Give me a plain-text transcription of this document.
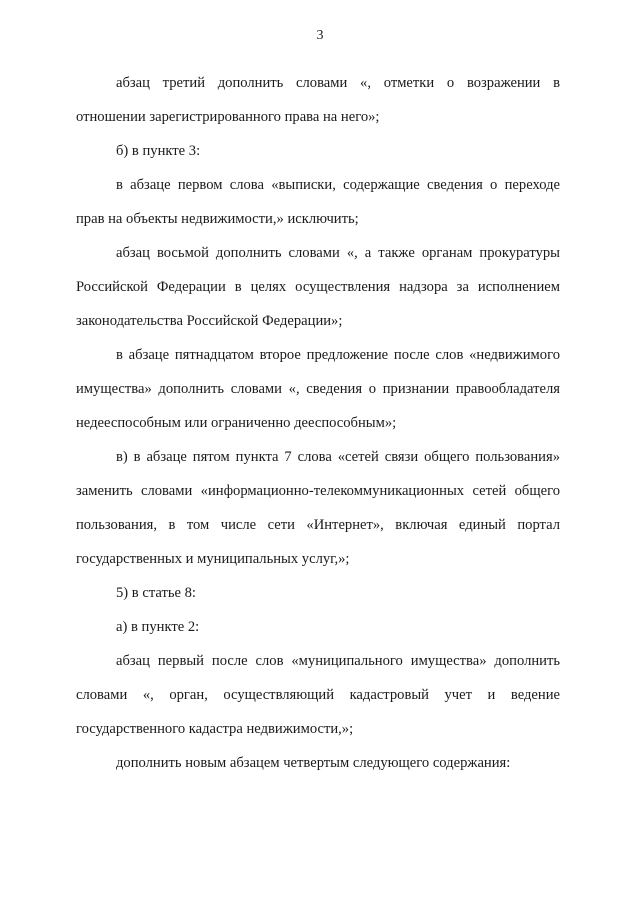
3

абзац третий дополнить словами «, отметки о возражении в отношении зарегистрированного права на него»;

б) в пункте 3:

в абзаце первом слова «выписки, содержащие сведения о переходе прав на объекты недвижимости,» исключить;

абзац восьмой дополнить словами «, а также органам прокуратуры Российской Федерации в целях осуществления надзора за исполнением законодательства Российской Федерации»;

в абзаце пятнадцатом второе предложение после слов «недвижимого имущества» дополнить словами «, сведения о признании правообладателя недееспособным или ограниченно дееспособным»;

в) в абзаце пятом пункта 7 слова «сетей связи общего пользования» заменить словами «информационно-телекоммуникационных сетей общего пользования, в том числе сети «Интернет», включая единый портал государственных и муниципальных услуг,»;

5) в статье 8:

а) в пункте 2:

абзац первый после слов «муниципального имущества» дополнить словами «, орган, осуществляющий кадастровый учет и ведение государственного кадастра недвижимости,»;

дополнить новым абзацем четвертым следующего содержания:
